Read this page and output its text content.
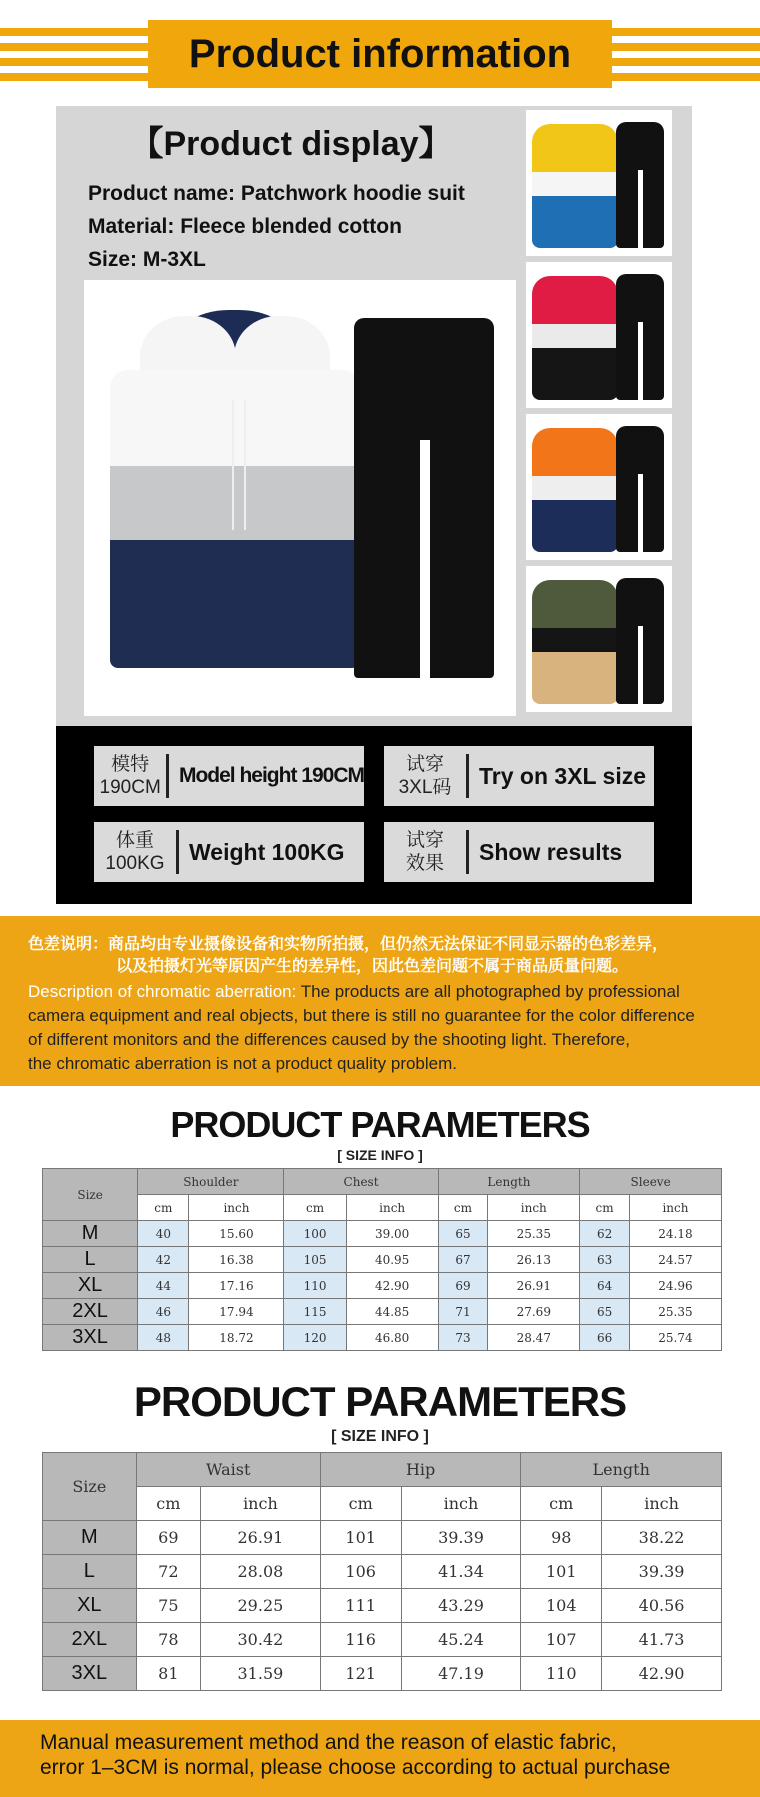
Product information
【Product display】
Product name: Patchwork hoodie suit
Material: Fleece blended cotton
Size: M-3XL
模特
190CM
Model height 190CM	试穿
3XL码	Try on 3XL size
体重
100KG	Weight 100KG	试穿
效果	Show results
色差说明：商品均由专业摄像设备和实物所拍摄，但仍然无法保证不同显示器的色彩差异，
以及拍摄灯光等原因产生的差异性，因此色差问题不属于商品质量问题。
Description of chromatic aberration: The products are all photographed by professional
camera equipment and real objects, but there is still no guarantee for the color difference
of different monitors and the differences caused by the shooting light. Therefore,
the chromatic aberration is not a product quality problem.
PRODUCT PARAMETERS
[ SIZE INFO ]
Size	Shoulder		Chest		Length		Sleeve	
	cm	inch	cm	inch	cm	inch	cm	inch
M	40	15.60	100	39.00	65	25.35	62	24.18
L	42	16.38	105	40.95	67	26.13	63	24.57
XL	44	17.16	110	42.90	69	26.91	64	24.96
2XL	46	17.94	115	44.85	71	27.69	65	25.35
3XL	48	18.72	120	46.80	73	28.47	66	25.74
PRODUCT PARAMETERS
[ SIZE INFO ]
Size	Waist		Hip		Length	
	cm	inch	cm	inch	cm	inch
M	69	26.91	101	39.39	98	38.22
L	72	28.08	106	41.34	101	39.39
XL	75	29.25	111	43.29	104	40.56
2XL	78	30.42	116	45.24	107	41.73
3XL	81	31.59	121	47.19	110	42.90
Manual measurement method and the reason of elastic fabric,
error 1–3CM is normal, please choose according to actual purchase
